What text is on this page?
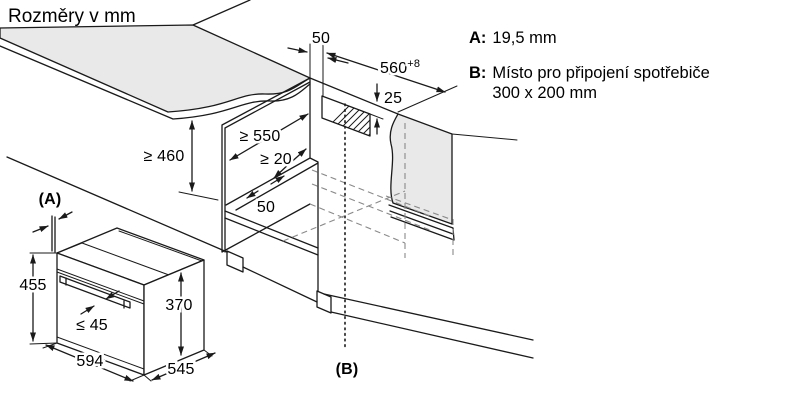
Rozměry v mm
A: 19,5 mm
B: Místo pro připojení spotřebiče
300 x 200 mm
(B)
50
$560^{+8}$
25
≥ 550
≥ 460	≥ 20
50
(A)
455
370
≤ 45
594	545
